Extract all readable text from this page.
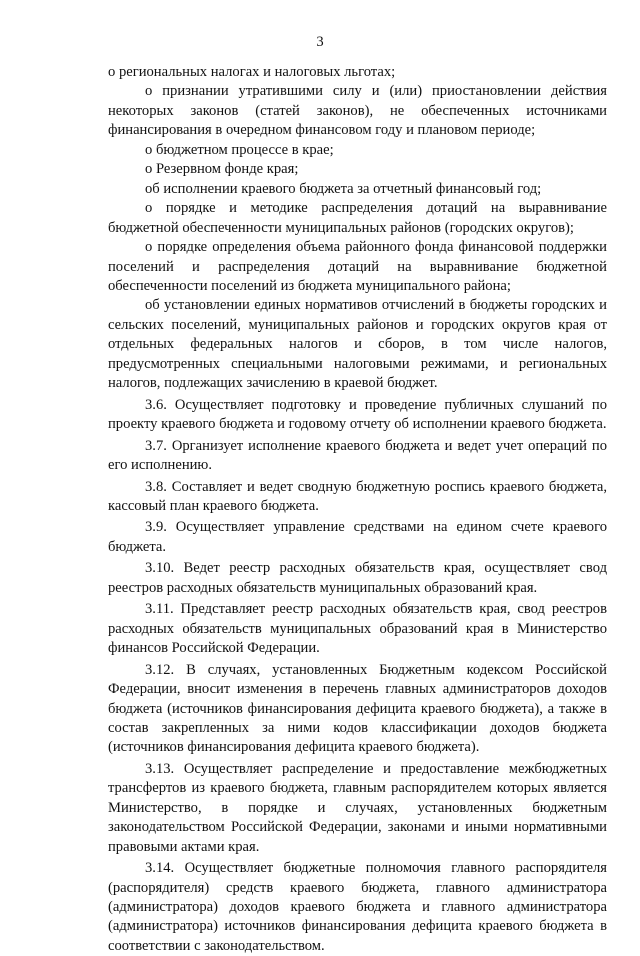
3

о региональных налогах и налоговых льготах;

о признании утратившими силу и (или) приостановлении действия некоторых законов (статей законов), не обеспеченных источниками финансирования в очередном финансовом году и плановом периоде;

о бюджетном процессе в крае;

о Резервном фонде края;

об исполнении краевого бюджета за отчетный финансовый год;

о порядке и методике распределения дотаций на выравнивание бюджетной обеспеченности муниципальных районов (городских округов);

о порядке определения объема районного фонда финансовой поддержки поселений и распределения дотаций на выравнивание бюджетной обеспеченности поселений из бюджета муниципального района;

об установлении единых нормативов отчислений в бюджеты городских и сельских поселений, муниципальных районов и городских округов края от отдельных федеральных налогов и сборов, в том числе налогов, предусмотренных специальными налоговыми режимами, и региональных налогов, подлежащих зачислению в краевой бюджет.

3.6. Осуществляет подготовку и проведение публичных слушаний по проекту краевого бюджета и годовому отчету об исполнении краевого бюджета.

3.7. Организует исполнение краевого бюджета и ведет учет операций по его исполнению.

3.8. Составляет и ведет сводную бюджетную роспись краевого бюджета, кассовый план краевого бюджета.

3.9. Осуществляет управление средствами на едином счете краевого бюджета.

3.10. Ведет реестр расходных обязательств края, осуществляет свод реестров расходных обязательств муниципальных образований края.

3.11. Представляет реестр расходных обязательств края, свод реестров расходных обязательств муниципальных образований края в Министерство финансов Российской Федерации.

3.12. В случаях, установленных Бюджетным кодексом Российской Федерации, вносит изменения в перечень главных администраторов доходов бюджета (источников финансирования дефицита краевого бюджета), а также в состав закрепленных за ними кодов классификации доходов бюджета (источников финансирования дефицита краевого бюджета).

3.13. Осуществляет распределение и предоставление межбюджетных трансфертов из краевого бюджета, главным распорядителем которых является Министерство, в порядке и случаях, установленных бюджетным законодательством Российской Федерации, законами и иными нормативными правовыми актами края.

3.14. Осуществляет бюджетные полномочия главного распорядителя (распорядителя) средств краевого бюджета, главного администратора (администратора) доходов краевого бюджета и главного администратора (администратора) источников финансирования дефицита краевого бюджета в соответствии с законодательством.
